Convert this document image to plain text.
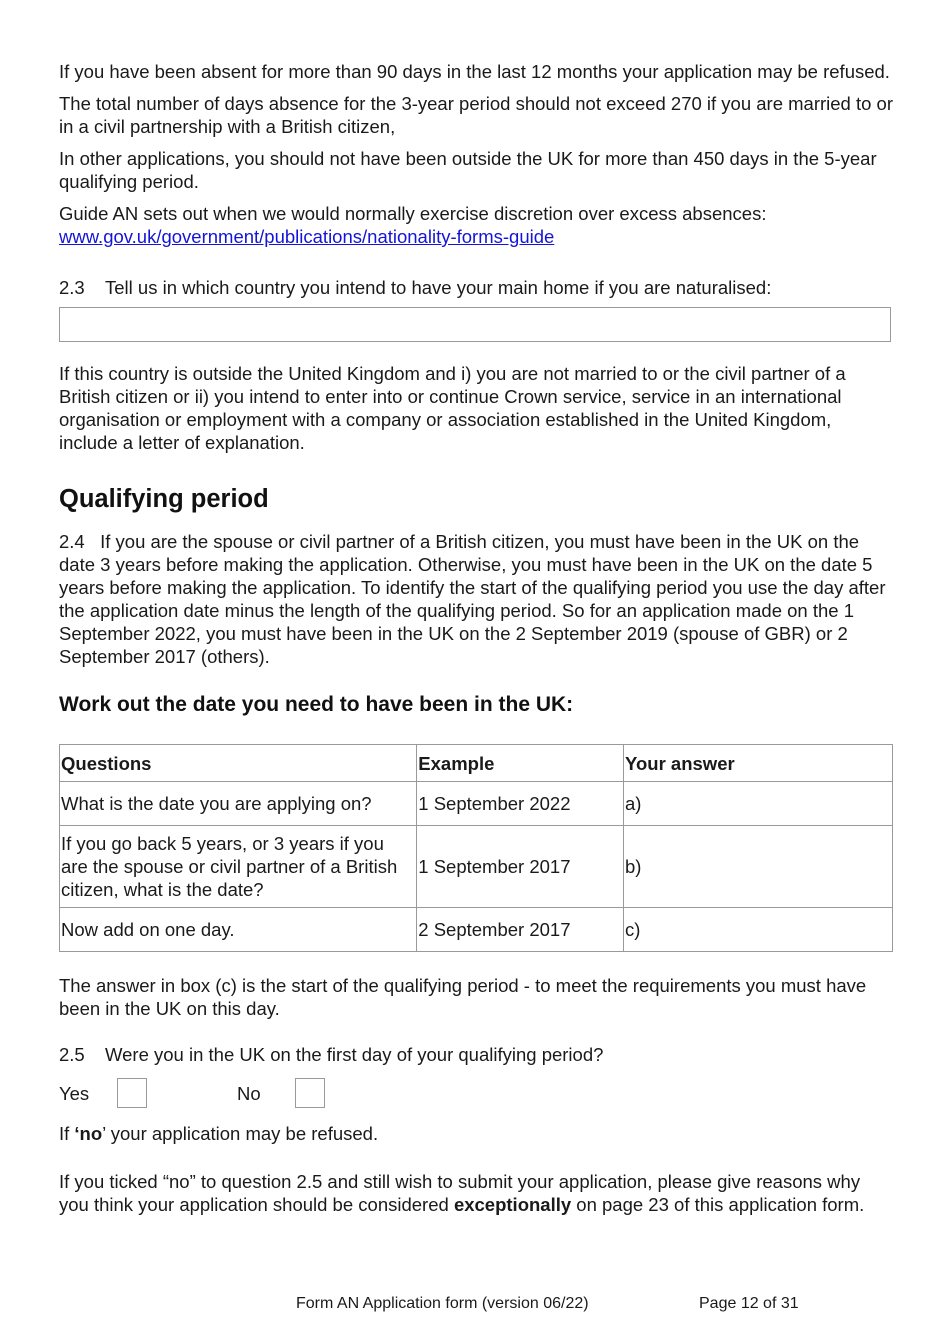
If you have been absent for more than 90 days in the last 12 months your application may be refused.

The total number of days absence for the 3-year period should not exceed 270 if you are married to or in a civil partnership with a British citizen,

In other applications, you should not have been outside the UK for more than 450 days in the 5-year qualifying period.

Guide AN sets out when we would normally exercise discretion over excess absences:
www.gov.uk/government/publications/nationality-forms-guide

2.3	Tell us in which country you intend to have your main home if you are naturalised:

If this country is outside the United Kingdom and i) you are not married to or the civil partner of a British citizen or ii) you intend to enter into or continue Crown service, service in an international organisation or employment with a company or association established in the United Kingdom, include a letter of explanation.

Qualifying period

2.4 If you are the spouse or civil partner of a British citizen, you must have been in the UK on the date 3 years before making the application. Otherwise, you must have been in the UK on the date 5 years before making the application. To identify the start of the qualifying period you use the day after the application date minus the length of the qualifying period. So for an application made on the 1 September 2022, you must have been in the UK on the 2 September 2019 (spouse of GBR) or 2 September 2017 (others).

Work out the date you need to have been in the UK:
Questions	Example	Your answer
What is the date you are applying on?	1 September 2022	a)
If you go back 5 years, or 3 years if you are the spouse or civil partner of a British citizen, what is the date?	1 September 2017	b)
Now add on one day.	2 September 2017	c)

The answer in box (c) is the start of the qualifying period - to meet the requirements you must have been in the UK on this day.

2.5	Were you in the UK on the first day of your qualifying period?
Yes	No

If ‘no’ your application may be refused.

If you ticked “no” to question 2.5 and still wish to submit your application, please give reasons why you think your application should be considered exceptionally on page 23 of this application form.

Form AN Application form (version 06/22)	Page 12 of 31
